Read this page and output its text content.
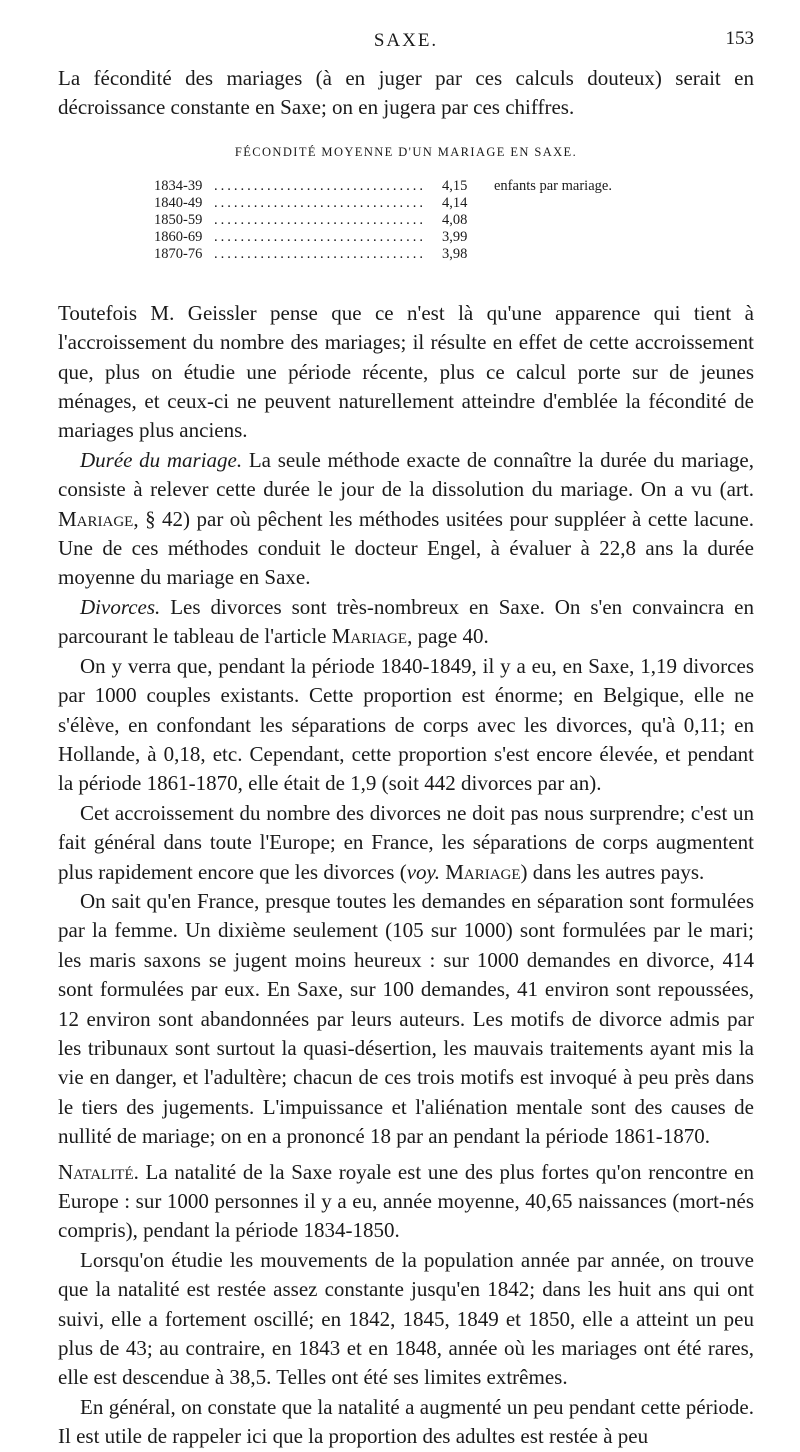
SAXE.	153

La fécondité des mariages (à en juger par ces calculs douteux) serait en décroissance constante en Saxe; on en jugera par ces chiffres.

FÉCONDITÉ MOYENNE D'UN MARIAGE EN SAXE.
1834-39 ................................	4,15	enfants par mariage.
1840-49 ................................	4,14
1850-59 ................................	4,08
1860-69 ................................	3,99
1870-76 ................................	3,98

Toutefois M. Geissler pense que ce n'est là qu'une apparence qui tient à l'accroissement du nombre des mariages; il résulte en effet de cette accroissement que, plus on étudie une période récente, plus ce calcul porte sur de jeunes ménages, et ceux-ci ne peuvent naturellement atteindre d'emblée la fécondité de mariages plus anciens.

Durée du mariage. La seule méthode exacte de connaître la durée du mariage, consiste à relever cette durée le jour de la dissolution du mariage. On a vu (art. Mariage, § 42) par où pêchent les méthodes usitées pour suppléer à cette lacune. Une de ces méthodes conduit le docteur Engel, à évaluer à 22,8 ans la durée moyenne du mariage en Saxe.

Divorces. Les divorces sont très-nombreux en Saxe. On s'en convaincra en parcourant le tableau de l'article Mariage, page 40.

On y verra que, pendant la période 1840-1849, il y a eu, en Saxe, 1,19 divorces par 1000 couples existants. Cette proportion est énorme; en Belgique, elle ne s'élève, en confondant les séparations de corps avec les divorces, qu'à 0,11; en Hollande, à 0,18, etc. Cependant, cette proportion s'est encore élevée, et pendant la période 1861-1870, elle était de 1,9 (soit 442 divorces par an).

Cet accroissement du nombre des divorces ne doit pas nous surprendre; c'est un fait général dans toute l'Europe; en France, les séparations de corps augmentent plus rapidement encore que les divorces (voy. Mariage) dans les autres pays.

On sait qu'en France, presque toutes les demandes en séparation sont formulées par la femme. Un dixième seulement (105 sur 1000) sont formulées par le mari; les maris saxons se jugent moins heureux : sur 1000 demandes en divorce, 414 sont formulées par eux. En Saxe, sur 100 demandes, 41 environ sont repoussées, 12 environ sont abandonnées par leurs auteurs. Les motifs de divorce admis par les tribunaux sont surtout la quasi-désertion, les mauvais traitements ayant mis la vie en danger, et l'adultère; chacun de ces trois motifs est invoqué à peu près dans le tiers des jugements. L'impuissance et l'aliénation mentale sont des causes de nullité de mariage; on en a prononcé 18 par an pendant la période 1861-1870.

Natalité. La natalité de la Saxe royale est une des plus fortes qu'on rencontre en Europe : sur 1000 personnes il y a eu, année moyenne, 40,65 naissances (mort-nés compris), pendant la période 1834-1850.

Lorsqu'on étudie les mouvements de la population année par année, on trouve que la natalité est restée assez constante jusqu'en 1842; dans les huit ans qui ont suivi, elle a fortement oscillé; en 1842, 1845, 1849 et 1850, elle a atteint un peu plus de 43; au contraire, en 1843 et en 1848, année où les mariages ont été rares, elle est descendue à 38,5. Telles ont été ses limites extrêmes.

En général, on constate que la natalité a augmenté un peu pendant cette période. Il est utile de rappeler ici que la proportion des adultes est restée à peu
